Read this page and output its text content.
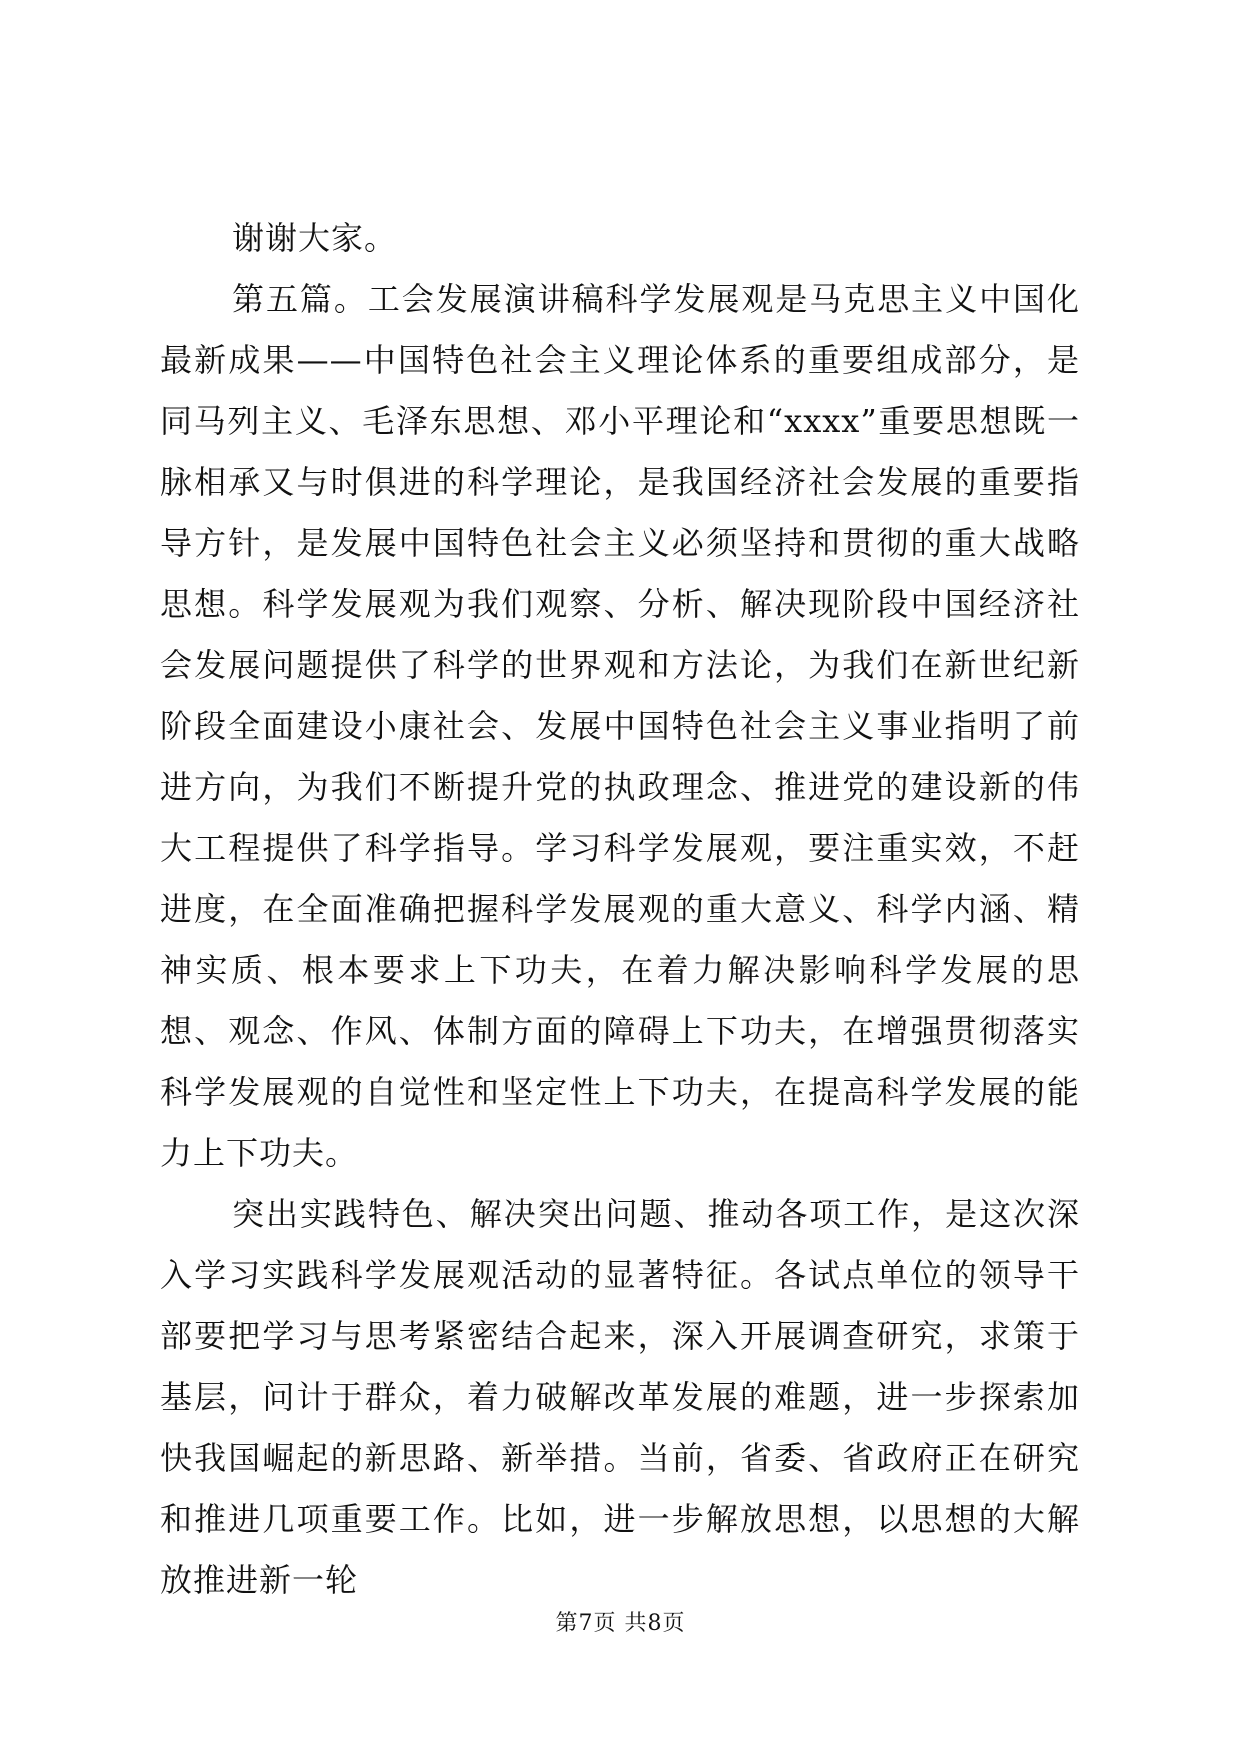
谢谢大家。

第五篇。工会发展演讲稿科学发展观是马克思主义中国化最新成果——中国特色社会主义理论体系的重要组成部分，是同马列主义、毛泽东思想、邓小平理论和“xxxx”重要思想既一脉相承又与时俱进的科学理论，是我国经济社会发展的重要指导方针，是发展中国特色社会主义必须坚持和贯彻的重大战略思想。科学发展观为我们观察、分析、解决现阶段中国经济社会发展问题提供了科学的世界观和方法论，为我们在新世纪新阶段全面建设小康社会、发展中国特色社会主义事业指明了前进方向，为我们不断提升党的执政理念、推进党的建设新的伟大工程提供了科学指导。学习科学发展观，要注重实效，不赶进度，在全面准确把握科学发展观的重大意义、科学内涵、精神实质、根本要求上下功夫，在着力解决影响科学发展的思想、观念、作风、体制方面的障碍上下功夫，在增强贯彻落实科学发展观的自觉性和坚定性上下功夫，在提高科学发展的能力上下功夫。

突出实践特色、解决突出问题、推动各项工作，是这次深入学习实践科学发展观活动的显著特征。各试点单位的领导干部要把学习与思考紧密结合起来，深入开展调查研究，求策于基层，问计于群众，着力破解改革发展的难题，进一步探索加快我国崛起的新思路、新举措。当前，省委、省政府正在研究和推进几项重要工作。比如，进一步解放思想，以思想的大解放推进新一轮

第7页 共8页
